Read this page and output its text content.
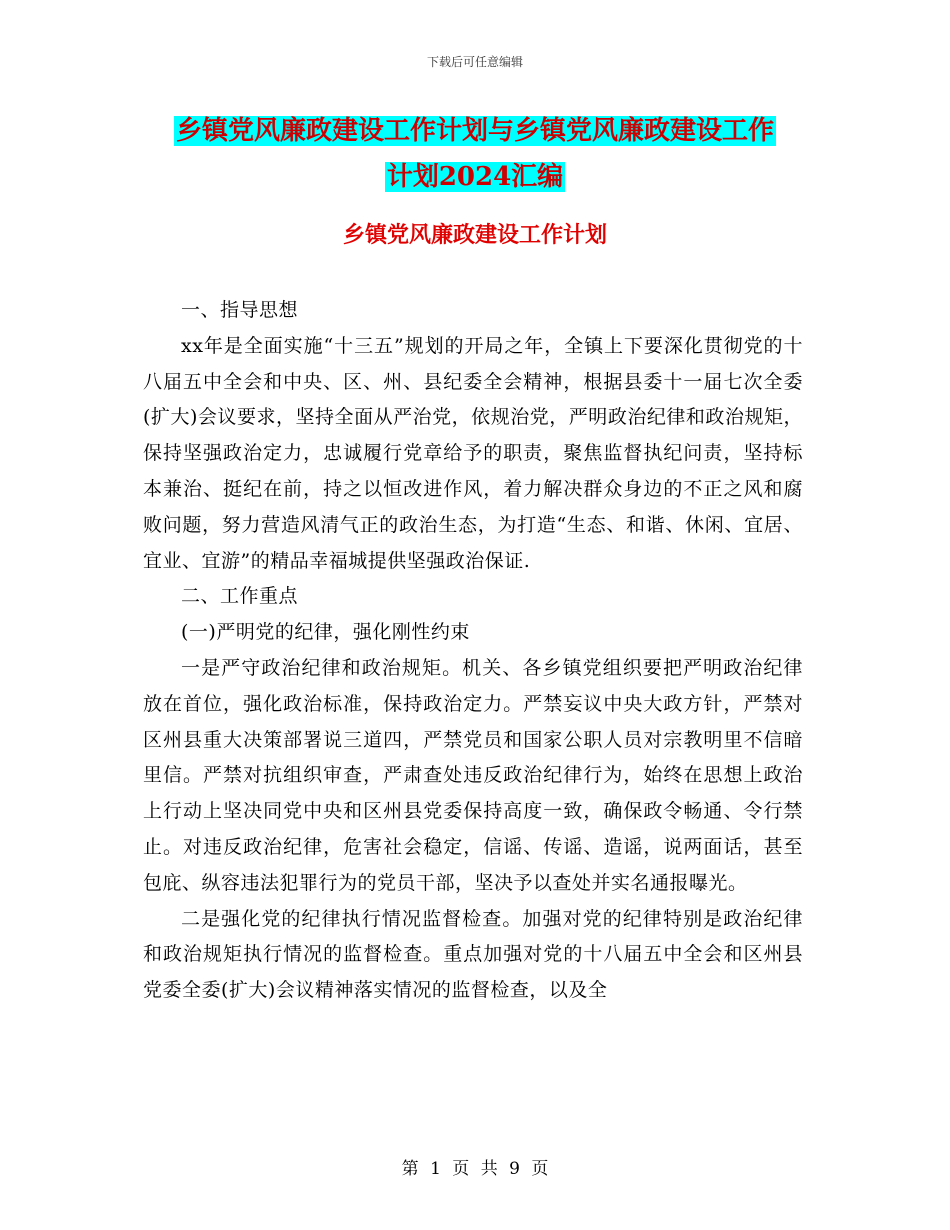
下载后可任意编辑
乡镇党风廉政建设工作计划与乡镇党风廉政建设工作
计划2024汇编
乡镇党风廉政建设工作计划

一、指导思想

xx年是全面实施“十三五”规划的开局之年，全镇上下要深化贯彻党的十八届五中全会和中央、区、州、县纪委全会精神，根据县委十一届七次全委(扩大)会议要求，坚持全面从严治党，依规治党，严明政治纪律和政治规矩，保持坚强政治定力，忠诚履行党章给予的职责，聚焦监督执纪问责，坚持标本兼治、挺纪在前，持之以恒改进作风，着力解决群众身边的不正之风和腐败问题，努力营造风清气正的政治生态，为打造“生态、和谐、休闲、宜居、宜业、宜游”的精品幸福城提供坚强政治保证.

二、工作重点

(一)严明党的纪律，强化刚性约束

一是严守政治纪律和政治规矩。机关、各乡镇党组织要把严明政治纪律放在首位，强化政治标准，保持政治定力。严禁妄议中央大政方针，严禁对区州县重大决策部署说三道四，严禁党员和国家公职人员对宗教明里不信暗里信。严禁对抗组织审查，严肃查处违反政治纪律行为，始终在思想上政治上行动上坚决同党中央和区州县党委保持高度一致，确保政令畅通、令行禁止。对违反政治纪律，危害社会稳定，信谣、传谣、造谣，说两面话，甚至包庇、纵容违法犯罪行为的党员干部，坚决予以查处并实名通报曝光。

二是强化党的纪律执行情况监督检查。加强对党的纪律特别是政治纪律和政治规矩执行情况的监督检查。重点加强对党的十八届五中全会和区州县党委全委(扩大)会议精神落实情况的监督检查，以及全

第 1 页 共 9 页
